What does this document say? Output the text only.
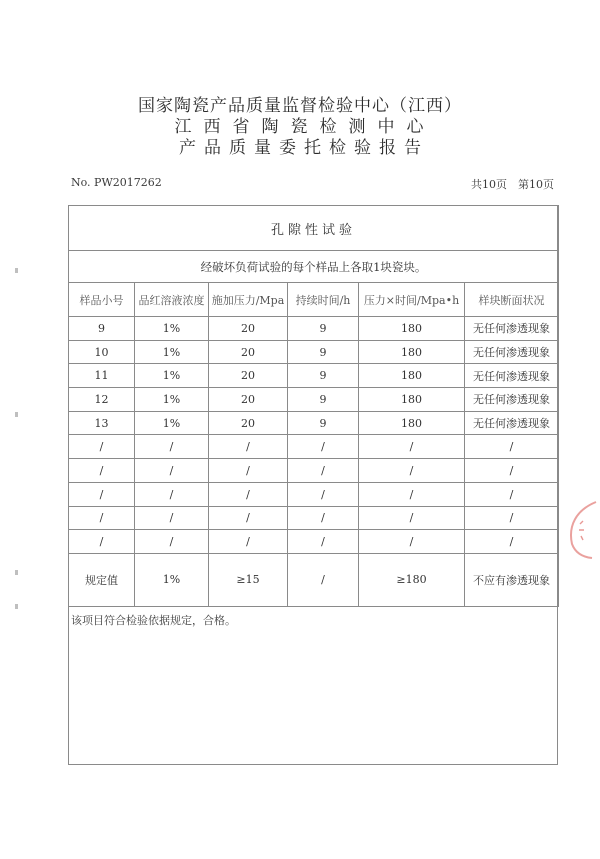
国家陶瓷产品质量监督检验中心（江西）
江西省陶瓷检测中心
产品质量委托检验报告
No. PW2017262	共10页　第10页
孔隙性试验					
经破坏负荷试验的每个样品上各取1块瓷块。					
样品小号	品红溶液浓度	施加压力/Mpa	持续时间/h	压力×时间/Mpa•h	样块断面状况
9	1%	20	9	180	无任何渗透现象
10	1%	20	9	180	无任何渗透现象
11	1%	20	9	180	无任何渗透现象
12	1%	20	9	180	无任何渗透现象
13	1%	20	9	180	无任何渗透现象
/	/	/	/	/	/
/	/	/	/	/	/
/	/	/	/	/	/
/	/	/	/	/	/
/	/	/	/	/	/
规定值	1%	≥15	/	≥180	不应有渗透现象
该项目符合检验依据规定，合格。
